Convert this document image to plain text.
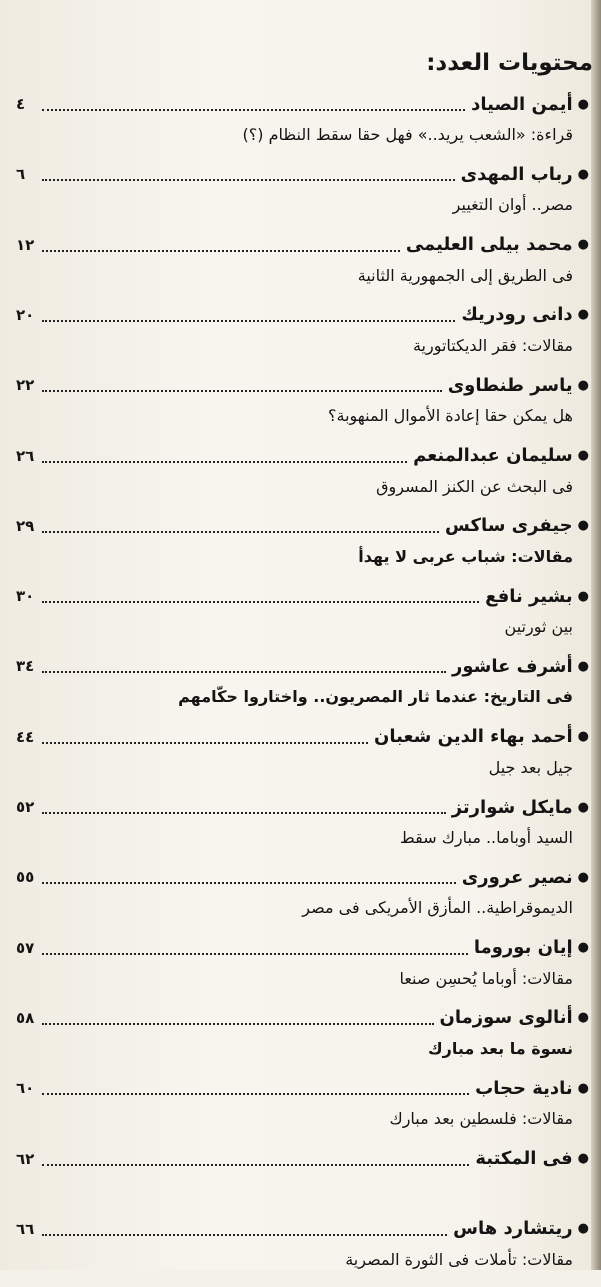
محتويات العدد:
●
أيمن الصياد
٤
قراءة: «الشعب يريد..» فهل حقا سقط النظام (؟)
●
رباب المهدى
٦
مصر.. أوان التغيير
●
محمد بيلى العليمى
١٢
فى الطريق إلى الجمهورية الثانية
●
دانى رودريك
٢٠
مقالات: فقر الديكتاتورية
●
ياسر طنطاوى
٢٢
هل يمكن حقا إعادة الأموال المنهوبة؟
●
سليمان عبدالمنعم
٢٦
فى البحث عن الكنز المسروق
●
جيفرى ساكس
٢٩
مقالات: شباب عربى لا يهدأ
●
بشير نافع
٣٠
بين ثورتين
●
أشرف عاشور
٣٤
فى التاريخ: عندما ثار المصريون.. واختاروا حكّامهم
●
أحمد بهاء الدين شعبان
٤٤
جيل بعد جيل
●
مايكل شوارتز
٥٢
السيد أوباما.. مبارك سقط
●
نصير عرورى
٥٥
الديموقراطية.. المأزق الأمريكى فى مصر
●
إيان بوروما
٥٧
مقالات: أوباما يُحسِن صنعا
●
أنالوى سوزمان
٥٨
نسوة ما بعد مبارك
●
نادية حجاب
٦٠
مقالات: فلسطين بعد مبارك
●
فى المكتبة
٦٢
●
ريتشارد هاس
٦٦
مقالات: تأملات فى الثورة المصرية
